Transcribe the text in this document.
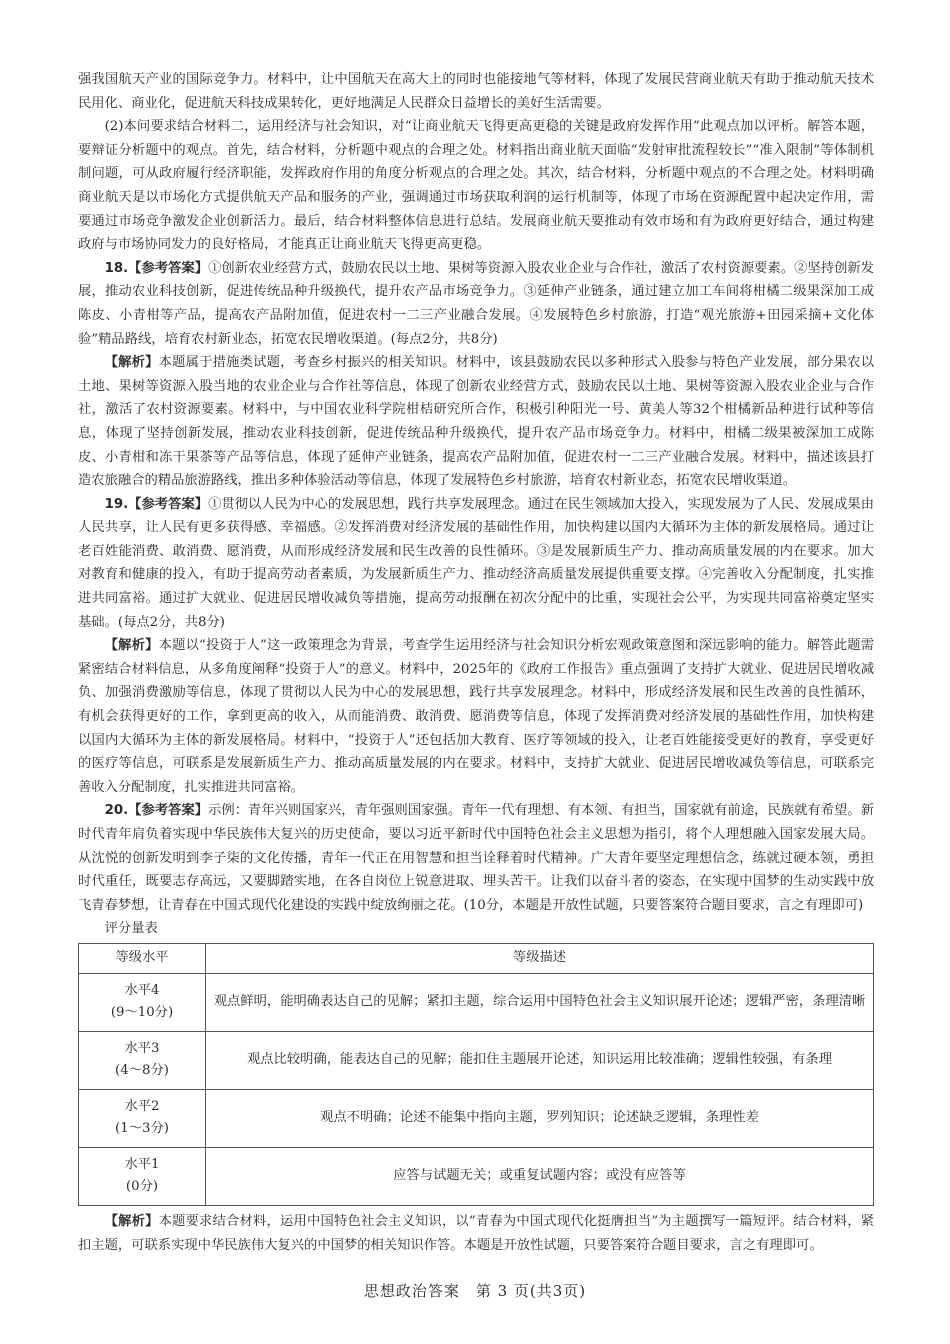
强我国航天产业的国际竞争力。材料中，让中国航天在高大上的同时也能接地气等材料，体现了发展民营商业航天有助于推动航天技术民用化、商业化，促进航天科技成果转化，更好地满足人民群众日益增长的美好生活需要。

(2)本问要求结合材料二，运用经济与社会知识，对“让商业航天飞得更高更稳的关键是政府发挥作用”此观点加以评析。解答本题，要辩证分析题中的观点。首先，结合材料，分析题中观点的合理之处。材料指出商业航天面临“发射审批流程较长”“准入限制”等体制机制问题，可从政府履行经济职能，发挥政府作用的角度分析观点的合理之处。其次，结合材料，分析题中观点的不合理之处。材料明确商业航天是以市场化方式提供航天产品和服务的产业，强调通过市场获取利润的运行机制等，体现了市场在资源配置中起决定作用，需要通过市场竞争激发企业创新活力。最后，结合材料整体信息进行总结。发展商业航天要推动有效市场和有为政府更好结合，通过构建政府与市场协同发力的良好格局，才能真正让商业航天飞得更高更稳。

18.【参考答案】①创新农业经营方式，鼓励农民以土地、果树等资源入股农业企业与合作社，激活了农村资源要素。②坚持创新发展，推动农业科技创新，促进传统品种升级换代，提升农产品市场竞争力。③延伸产业链条，通过建立加工车间将柑橘二级果深加工成陈皮、小青柑等产品，提高农产品附加值，促进农村一二三产业融合发展。④发展特色乡村旅游，打造“观光旅游+田园采摘+文化体验”精品路线，培育农村新业态，拓宽农民增收渠道。(每点2分，共8分)

【解析】本题属于措施类试题，考查乡村振兴的相关知识。材料中，该县鼓励农民以多种形式入股参与特色产业发展，部分果农以土地、果树等资源入股当地的农业企业与合作社等信息，体现了创新农业经营方式，鼓励农民以土地、果树等资源入股农业企业与合作社，激活了农村资源要素。材料中，与中国农业科学院柑桔研究所合作，积极引种阳光一号、黄美人等32个柑橘新品种进行试种等信息，体现了坚持创新发展，推动农业科技创新，促进传统品种升级换代，提升农产品市场竞争力。材料中，柑橘二级果被深加工成陈皮、小青柑和冻干果茶等产品等信息，体现了延伸产业链条，提高农产品附加值，促进农村一二三产业融合发展。材料中，描述该县打造农旅融合的精品旅游路线，推出多种体验活动等信息，体现了发展特色乡村旅游，培育农村新业态，拓宽农民增收渠道。

19.【参考答案】①贯彻以人民为中心的发展思想，践行共享发展理念。通过在民生领域加大投入，实现发展为了人民、发展成果由人民共享，让人民有更多获得感、幸福感。②发挥消费对经济发展的基础性作用，加快构建以国内大循环为主体的新发展格局。通过让老百姓能消费、敢消费、愿消费，从而形成经济发展和民生改善的良性循环。③是发展新质生产力、推动高质量发展的内在要求。加大对教育和健康的投入，有助于提高劳动者素质，为发展新质生产力、推动经济高质量发展提供重要支撑。④完善收入分配制度，扎实推进共同富裕。通过扩大就业、促进居民增收减负等措施，提高劳动报酬在初次分配中的比重，实现社会公平，为实现共同富裕奠定坚实基础。(每点2分，共8分)

【解析】本题以“投资于人”这一政策理念为背景，考查学生运用经济与社会知识分析宏观政策意图和深远影响的能力。解答此题需紧密结合材料信息，从多角度阐释“投资于人”的意义。材料中，2025年的《政府工作报告》重点强调了支持扩大就业、促进居民增收减负、加强消费激励等信息，体现了贯彻以人民为中心的发展思想，践行共享发展理念。材料中，形成经济发展和民生改善的良性循环，有机会获得更好的工作，拿到更高的收入，从而能消费、敢消费、愿消费等信息，体现了发挥消费对经济发展的基础性作用，加快构建以国内大循环为主体的新发展格局。材料中，“投资于人”还包括加大教育、医疗等领域的投入，让老百姓能接受更好的教育，享受更好的医疗等信息，可联系是发展新质生产力、推动高质量发展的内在要求。材料中，支持扩大就业、促进居民增收减负等信息，可联系完善收入分配制度，扎实推进共同富裕。

20.【参考答案】示例：青年兴则国家兴，青年强则国家强。青年一代有理想、有本领、有担当，国家就有前途，民族就有希望。新时代青年肩负着实现中华民族伟大复兴的历史使命，要以习近平新时代中国特色社会主义思想为指引，将个人理想融入国家发展大局。从沈悦的创新发明到李子柒的文化传播，青年一代正在用智慧和担当诠释着时代精神。广大青年要坚定理想信念，练就过硬本领，勇担时代重任，既要志存高远，又要脚踏实地，在各自岗位上锐意进取、埋头苦干。让我们以奋斗者的姿态，在实现中国梦的生动实践中放飞青春梦想，让青春在中国式现代化建设的实践中绽放绚丽之花。(10分，本题是开放性试题，只要答案符合题目要求，言之有理即可)

评分量表

等级水平	等级描述

水平4
(9～10分)	观点鲜明，能明确表达自己的见解；紧扣主题，综合运用中国特色社会主义知识展开论述；逻辑严密，条理清晰

水平3
(4～8分)	观点比较明确，能表达自己的见解；能扣住主题展开论述，知识运用比较准确；逻辑性较强，有条理

水平2
(1～3分)	观点不明确；论述不能集中指向主题，罗列知识；论述缺乏逻辑，条理性差

水平1
(0分)	应答与试题无关；或重复试题内容；或没有应答等

【解析】本题要求结合材料，运用中国特色社会主义知识，以“青春为中国式现代化挺膺担当”为主题撰写一篇短评。结合材料，紧扣主题，可联系实现中华民族伟大复兴的中国梦的相关知识作答。本题是开放性试题，只要答案符合题目要求，言之有理即可。

思想政治答案　第 3 页(共3页)
